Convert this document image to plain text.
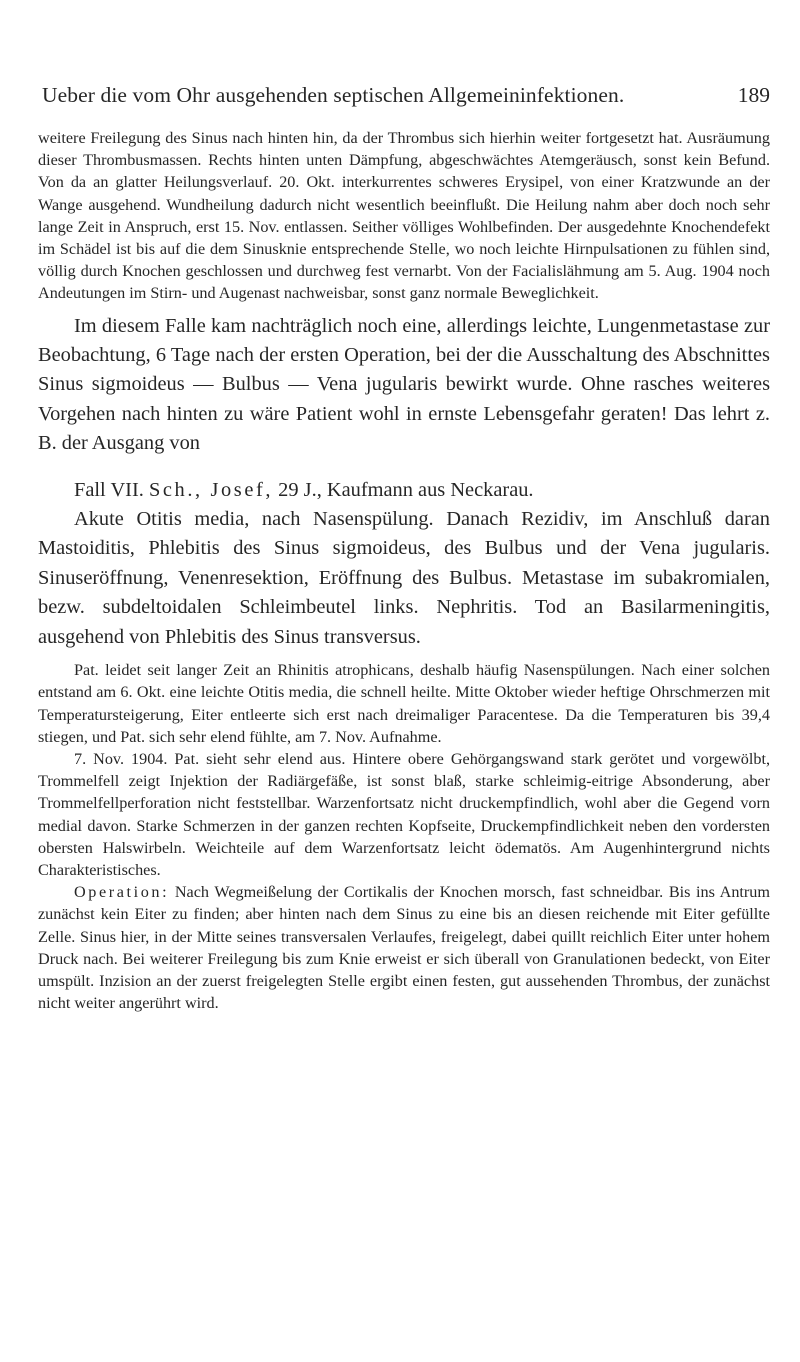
Ueber die vom Ohr ausgehenden septischen Allgemeininfektionen.	189

weitere Freilegung des Sinus nach hinten hin, da der Thrombus sich hierhin weiter fortgesetzt hat. Ausräumung dieser Thrombusmassen. Rechts hinten unten Dämpfung, abgeschwächtes Atemgeräusch, sonst kein Befund. Von da an glatter Heilungsverlauf. 20. Okt. interkurrentes schweres Erysipel, von einer Kratzwunde an der Wange ausgehend. Wundheilung dadurch nicht wesentlich beeinflußt. Die Heilung nahm aber doch noch sehr lange Zeit in Anspruch, erst 15. Nov. entlassen. Seither völliges Wohlbefinden. Der ausgedehnte Knochendefekt im Schädel ist bis auf die dem Sinusknie entsprechende Stelle, wo noch leichte Hirnpulsationen zu fühlen sind, völlig durch Knochen geschlossen und durchweg fest vernarbt. Von der Facialislähmung am 5. Aug. 1904 noch Andeutungen im Stirn- und Augenast nachweisbar, sonst ganz normale Beweglichkeit.

Im diesem Falle kam nachträglich noch eine, allerdings leichte, Lungenmetastase zur Beobachtung, 6 Tage nach der ersten Operation, bei der die Ausschaltung des Abschnittes Sinus sigmoideus — Bulbus — Vena jugularis bewirkt wurde. Ohne rasches weiteres Vorgehen nach hinten zu wäre Patient wohl in ernste Lebensgefahr geraten! Das lehrt z. B. der Ausgang von

Fall VII. Sch., Josef, 29 J., Kaufmann aus Neckarau.

Akute Otitis media, nach Nasenspülung. Danach Rezidiv, im Anschluß daran Mastoiditis, Phlebitis des Sinus sigmoideus, des Bulbus und der Vena jugularis. Sinuseröffnung, Venenresektion, Eröffnung des Bulbus. Metastase im subakromialen, bezw. subdeltoidalen Schleimbeutel links. Nephritis. Tod an Basilarmeningitis, ausgehend von Phlebitis des Sinus transversus.

Pat. leidet seit langer Zeit an Rhinitis atrophicans, deshalb häufig Nasenspülungen. Nach einer solchen entstand am 6. Okt. eine leichte Otitis media, die schnell heilte. Mitte Oktober wieder heftige Ohrschmerzen mit Temperatursteigerung, Eiter entleerte sich erst nach dreimaliger Paracentese. Da die Temperaturen bis 39,4 stiegen, und Pat. sich sehr elend fühlte, am 7. Nov. Aufnahme.

7. Nov. 1904. Pat. sieht sehr elend aus. Hintere obere Gehörgangswand stark gerötet und vorgewölbt, Trommelfell zeigt Injektion der Radiärgefäße, ist sonst blaß, starke schleimig-eitrige Absonderung, aber Trommelfellperforation nicht feststellbar. Warzenfortsatz nicht druckempfindlich, wohl aber die Gegend vorn medial davon. Starke Schmerzen in der ganzen rechten Kopfseite, Druckempfindlichkeit neben den vordersten obersten Halswirbeln. Weichteile auf dem Warzenfortsatz leicht ödematös. Am Augenhintergrund nichts Charakteristisches.

Operation: Nach Wegmeißelung der Cortikalis der Knochen morsch, fast schneidbar. Bis ins Antrum zunächst kein Eiter zu finden; aber hinten nach dem Sinus zu eine bis an diesen reichende mit Eiter gefüllte Zelle. Sinus hier, in der Mitte seines transversalen Verlaufes, freigelegt, dabei quillt reichlich Eiter unter hohem Druck nach. Bei weiterer Freilegung bis zum Knie erweist er sich überall von Granulationen bedeckt, von Eiter umspült. Inzision an der zuerst freigelegten Stelle ergibt einen festen, gut aussehenden Thrombus, der zunächst nicht weiter angerührt wird.
